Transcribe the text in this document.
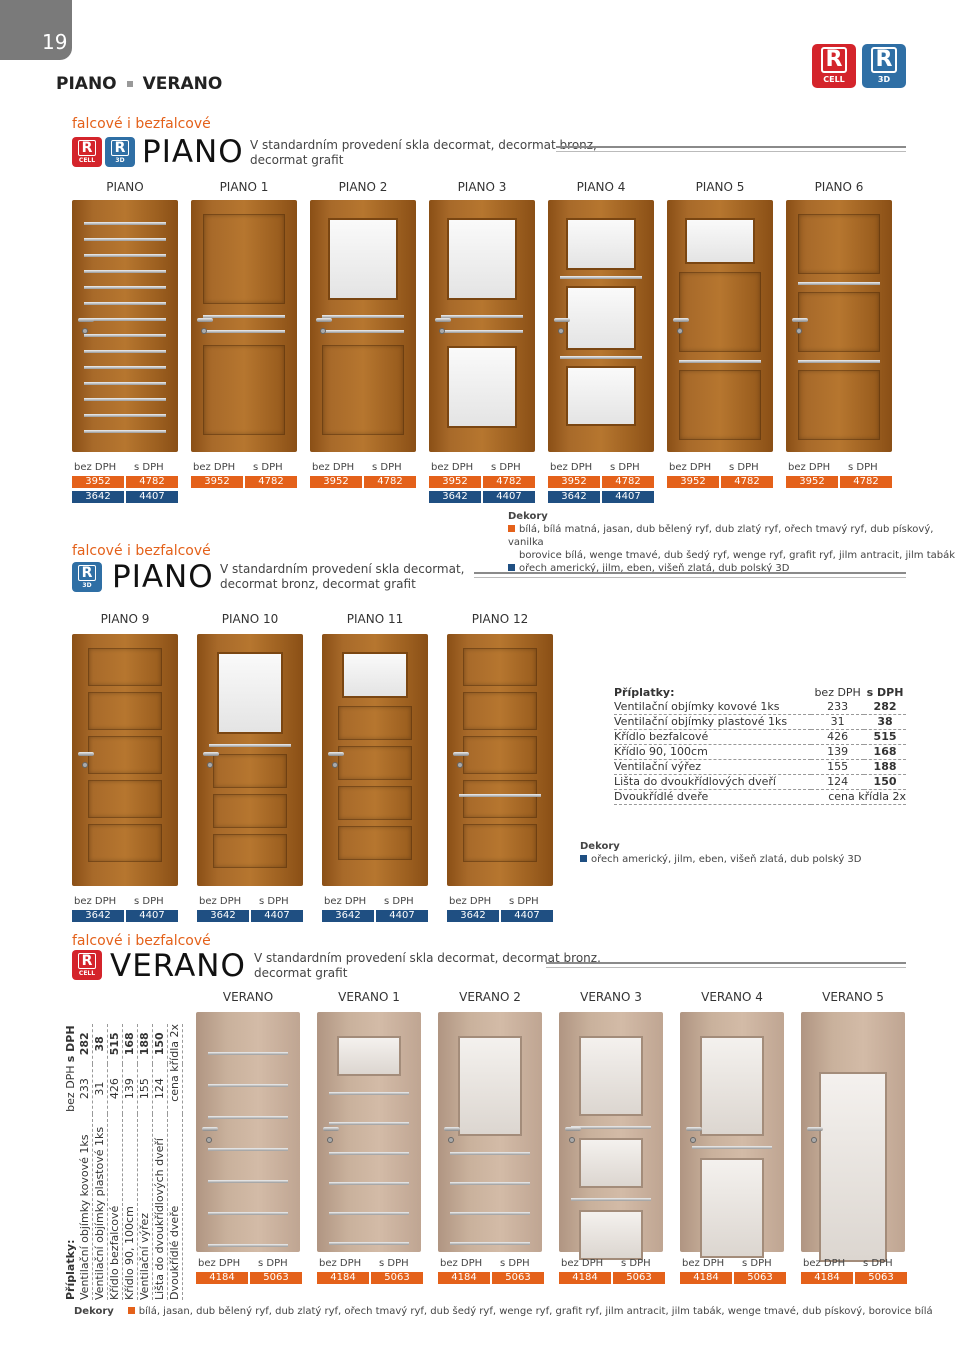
19
PIANO VERANO
R
CELL
R
3D
falcové i bezfalcové
R
CELL
R
3D PIANO V standardním provedení skla decormat, decormat bronz,
decormat grafit
PIANO
bez DPH s DPH
3952	4782
3642	4407
PIANO 1
bez DPH s DPH
3952	4782
PIANO 2
bez DPH s DPH
3952	4782
PIANO 3
bez DPH s DPH
3952	4782
3642	4407
PIANO 4
bez DPH s DPH
3952	4782
3642	4407
PIANO 5
bez DPH s DPH
3952	4782
PIANO 6
bez DPH s DPH
3952	4782
Dekory
bílá, bílá matná, jasan, dub bělený ryf, dub zlatý ryf, ořech tmavý ryf, dub pískový, vanilka
borovice bílá, wenge tmavé, dub šedý ryf, wenge ryf, grafit ryf, jilm antracit, jilm tabák
ořech americký, jilm, eben, višeň zlatá, dub polský 3D
falcové i bezfalcové
R
3D PIANO V standardním provedení skla decormat,
decormat bronz, decormat grafit
PIANO 9
bez DPH s DPH
3642	4407
PIANO 10
bez DPH s DPH
3642	4407
PIANO 11
bez DPH s DPH
3642	4407
PIANO 12
bez DPH s DPH
3642	4407
Příplatky:	bez DPH	s DPH
Ventilační objímky kovové 1ks	233	282
Ventilační objímky plastové 1ks	31	38
Křídlo bezfalcové	426	515
Křídlo 90, 100cm	139	168
Ventilační výřez	155	188
Lišta do dvoukřídlových dveří	124	150
Dvoukřídlé dveře	cena křídla 2x	
Dekory
ořech americký, jilm, eben, višeň zlatá, dub polský 3D
falcové i bezfalcové
R
CELL VERANO V standardním provedení skla decormat, decormat bronz,
decormat grafit
Příplatky:	bez DPH	s DPH
Ventilační objímky kovové 1ks	233	282
Ventilační objímky plastové 1ks	31	38
Křídlo bezfalcové	426	515
Křídlo 90, 100cm	139	168
Ventilační výřez	155	188
Lišta do dvoukřídlových dveří	124	150
Dvoukřídlé dveře	cena křídla 2x	
VERANO
bez DPH s DPH
4184	5063
VERANO 1
bez DPH s DPH
4184	5063
VERANO 2
bez DPH s DPH
4184	5063
VERANO 3
bez DPH s DPH
4184	5063
VERANO 4
bez DPH s DPH
4184	5063
VERANO 5
bez DPH s DPH
4184	5063
Dekory	bílá, jasan, dub bělený ryf, dub zlatý ryf, ořech tmavý ryf, dub šedý ryf, wenge ryf, grafit ryf, jilm antracit, jilm tabák, wenge tmavé, dub pískový, borovice bílá
